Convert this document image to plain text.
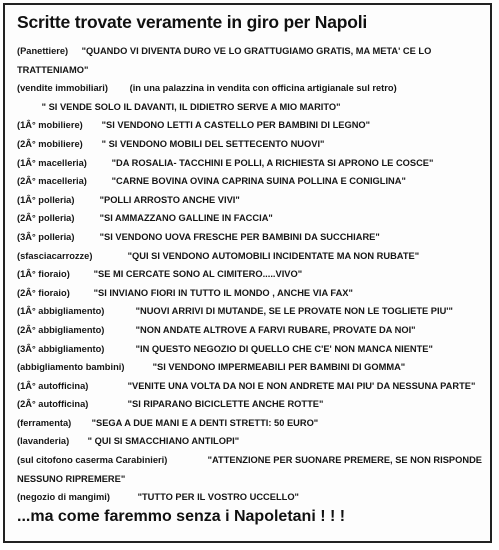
Scritte trovate veramente in giro per Napoli
(Panettiere) "QUANDO VI DIVENTA DURO VE LO GRATTUGIAMO GRATIS, MA META' CE LO TRATTENIAMO"
(vendite immobiliari) (in una palazzina in vendita con officina artigianale sul retro)
" SI VENDE SOLO IL DAVANTI, IL DIDIETRO SERVE A MIO MARITO"
(1Â° mobiliere) "SI VENDONO LETTI A CASTELLO PER BAMBINI DI LEGNO"
(2Â° mobiliere) " SI VENDONO MOBILI DEL SETTECENTO NUOVI"
(1Â° macelleria)	"DA ROSALIA- TACCHINI E POLLI, A RICHIESTA SI APRONO LE COSCE"
(2Â° macelleria)	"CARNE BOVINA OVINA CAPRINA SUINA POLLINA E CONIGLINA"
(1Â° polleria)	"POLLI ARROSTO ANCHE VIVI"
(2Â° polleria)	"SI AMMAZZANO GALLINE IN FACCIA"
(3Â° polleria)	"SI VENDONO UOVA FRESCHE PER BAMBINI DA SUCCHIARE"
(sfasciacarrozze)	"QUI SI VENDONO AUTOMOBILI INCIDENTATE MA NON RUBATE"
(1Â° fioraio)	"SE MI CERCATE SONO AL CIMITERO.....VIVO"
(2Â° fioraio)	"SI INVIANO FIORI IN TUTTO IL MONDO , ANCHE VIA FAX"
(1Â° abbigliamento)	"NUOVI ARRIVI DI MUTANDE, SE LE PROVATE NON LE TOGLIETE PIU'"
(2Â° abbigliamento)	"NON ANDATE ALTROVE A FARVI RUBARE, PROVATE DA NOI"
(3Â° abbigliamento)	"IN QUESTO NEGOZIO DI QUELLO CHE C'E' NON MANCA NIENTE"
(abbigliamento bambini)	"SI VENDONO IMPERMEABILI PER BAMBINI DI GOMMA"
(1Â° autofficina)	"VENITE UNA VOLTA DA NOI E NON ANDRETE MAI PIU' DA NESSUNA PARTE"
(2Â° autofficina)	"SI RIPARANO BICICLETTE ANCHE ROTTE"
(ferramenta) "SEGA A DUE MANI E A DENTI STRETTI: 50 EURO"
(lavanderia) " QUI SI SMACCHIANO ANTILOPI"
(sul citofono caserma Carabinieri)	"ATTENZIONE PER SUONARE PREMERE, SE NON RISPONDE NESSUNO RIPREMERE"
(negozio di mangimi)	"TUTTO PER IL VOSTRO UCCELLO"
...ma come faremmo senza i Napoletani ! ! !
